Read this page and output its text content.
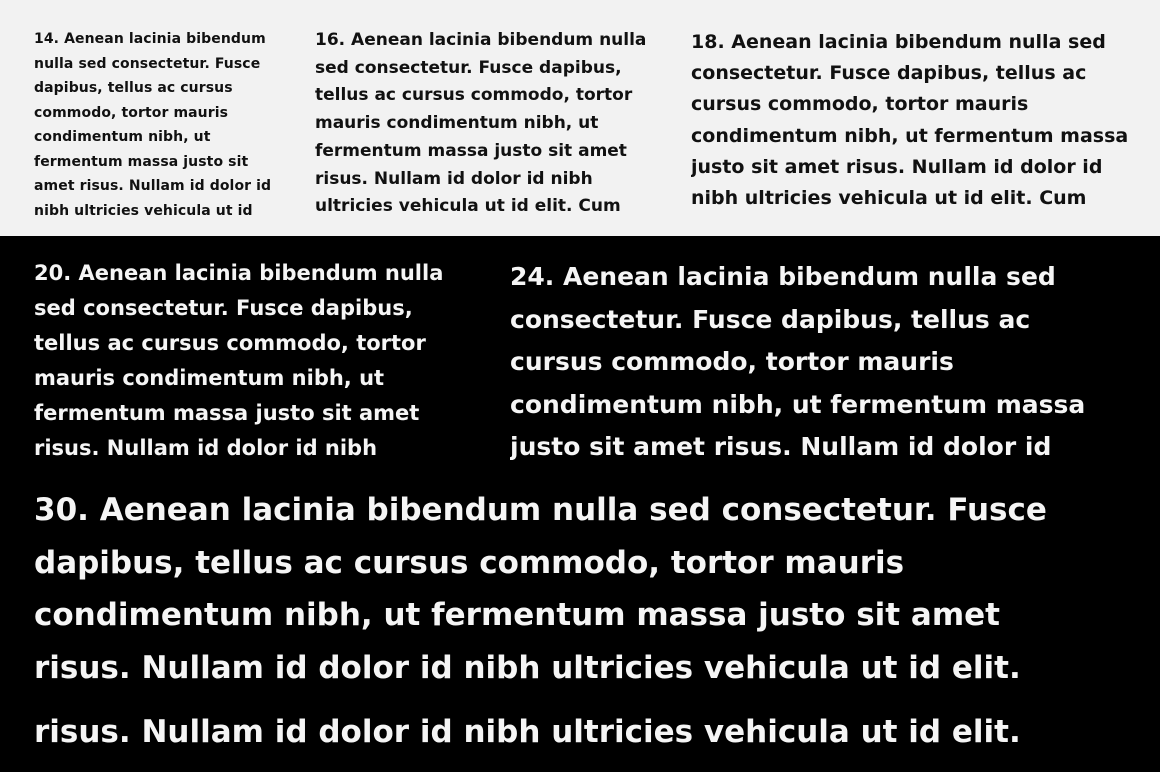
14. Aenean lacinia bibendum
nulla sed consectetur. Fusce
dapibus, tellus ac cursus
commodo, tortor mauris
condimentum nibh, ut
fermentum massa justo sit
amet risus. Nullam id dolor id
nibh ultricies vehicula ut id

16. Aenean lacinia bibendum nulla
sed consectetur. Fusce dapibus,
tellus ac cursus commodo, tortor
mauris condimentum nibh, ut
fermentum massa justo sit amet
risus. Nullam id dolor id nibh
ultricies vehicula ut id elit. Cum

18. Aenean lacinia bibendum nulla sed
consectetur. Fusce dapibus, tellus ac
cursus commodo, tortor mauris
condimentum nibh, ut fermentum massa
justo sit amet risus. Nullam id dolor id
nibh ultricies vehicula ut id elit. Cum

20. Aenean lacinia bibendum nulla
sed consectetur. Fusce dapibus,
tellus ac cursus commodo, tortor
mauris condimentum nibh, ut
fermentum massa justo sit amet
risus. Nullam id dolor id nibh

24. Aenean lacinia bibendum nulla sed
consectetur. Fusce dapibus, tellus ac
cursus commodo, tortor mauris
condimentum nibh, ut fermentum massa
justo sit amet risus. Nullam id dolor id

30. Aenean lacinia bibendum nulla sed consectetur. Fusce
dapibus, tellus ac cursus commodo, tortor mauris
condimentum nibh, ut fermentum massa justo sit amet
risus. Nullam id dolor id nibh ultricies vehicula ut id elit.

risus. Nullam id dolor id nibh ultricies vehicula ut id elit.
